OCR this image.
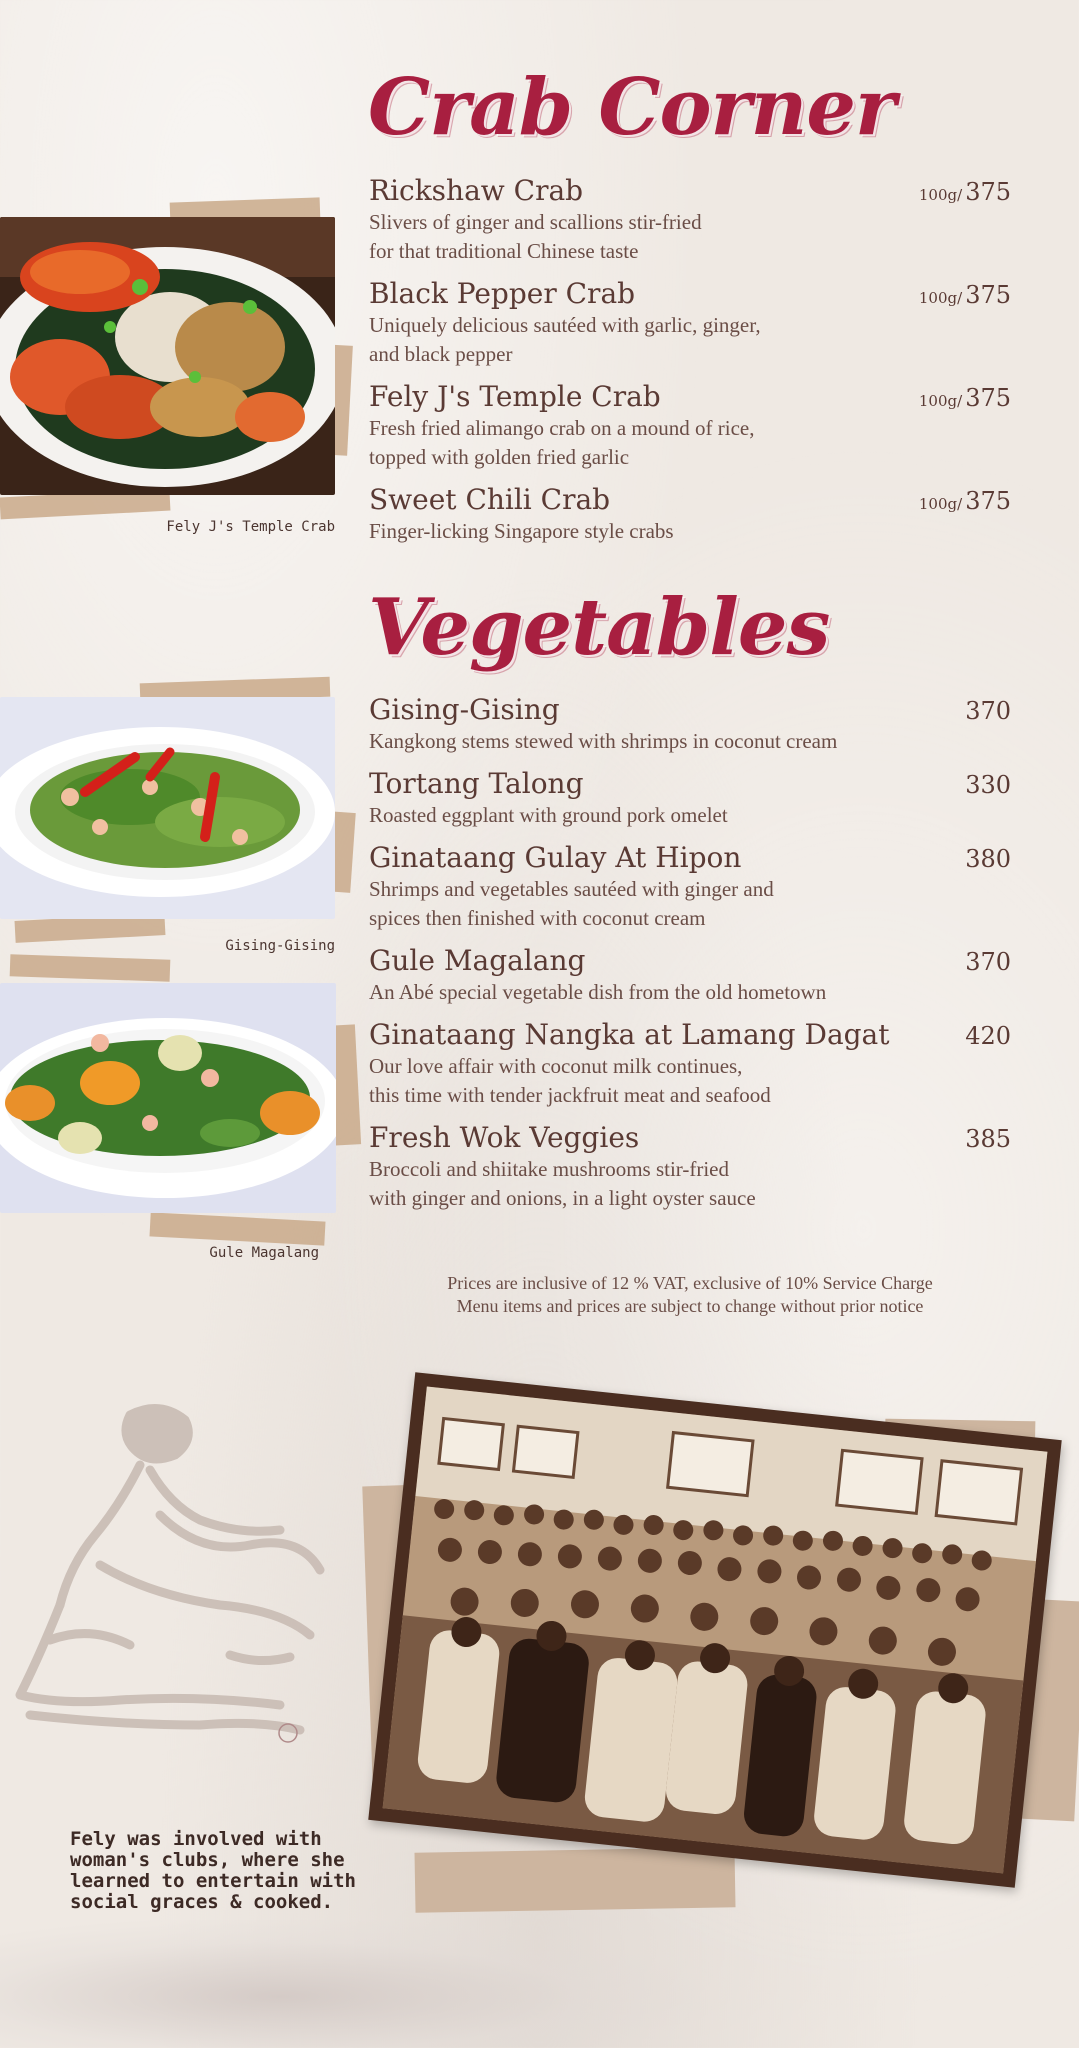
Crab Corner
Rickshaw Crab	100g/ 375
Slivers of ginger and scallions stir-fried
for that traditional Chinese taste
Black Pepper Crab	100g/ 375
Uniquely delicious sautéed with garlic, ginger,
and black pepper
Fely J's Temple Crab	100g/ 375
Fresh fried alimango crab on a mound of rice,
topped with golden fried garlic
Sweet Chili Crab	100g/ 375
Finger-licking Singapore style crabs
Fely J's Temple Crab
Vegetables
Gising-Gising	370
Kangkong stems stewed with shrimps in coconut cream
Tortang Talong	330
Roasted eggplant with ground pork omelet
Ginataang Gulay At Hipon	380
Shrimps and vegetables sautéed with ginger and
spices then finished with coconut cream
Gule Magalang	370
An Abé special vegetable dish from the old hometown
Ginataang Nangka at Lamang Dagat	420
Our love affair with coconut milk continues,
this time with tender jackfruit meat and seafood
Fresh Wok Veggies	385
Broccoli and shiitake mushrooms stir-fried
with ginger and onions, in a light oyster sauce
Gising-Gising
Gule Magalang
Prices are inclusive of 12 % VAT, exclusive of 10% Service Charge
Menu items and prices are subject to change without prior notice
Fely was involved with woman's clubs, where she learned to entertain with social graces & cooked.
